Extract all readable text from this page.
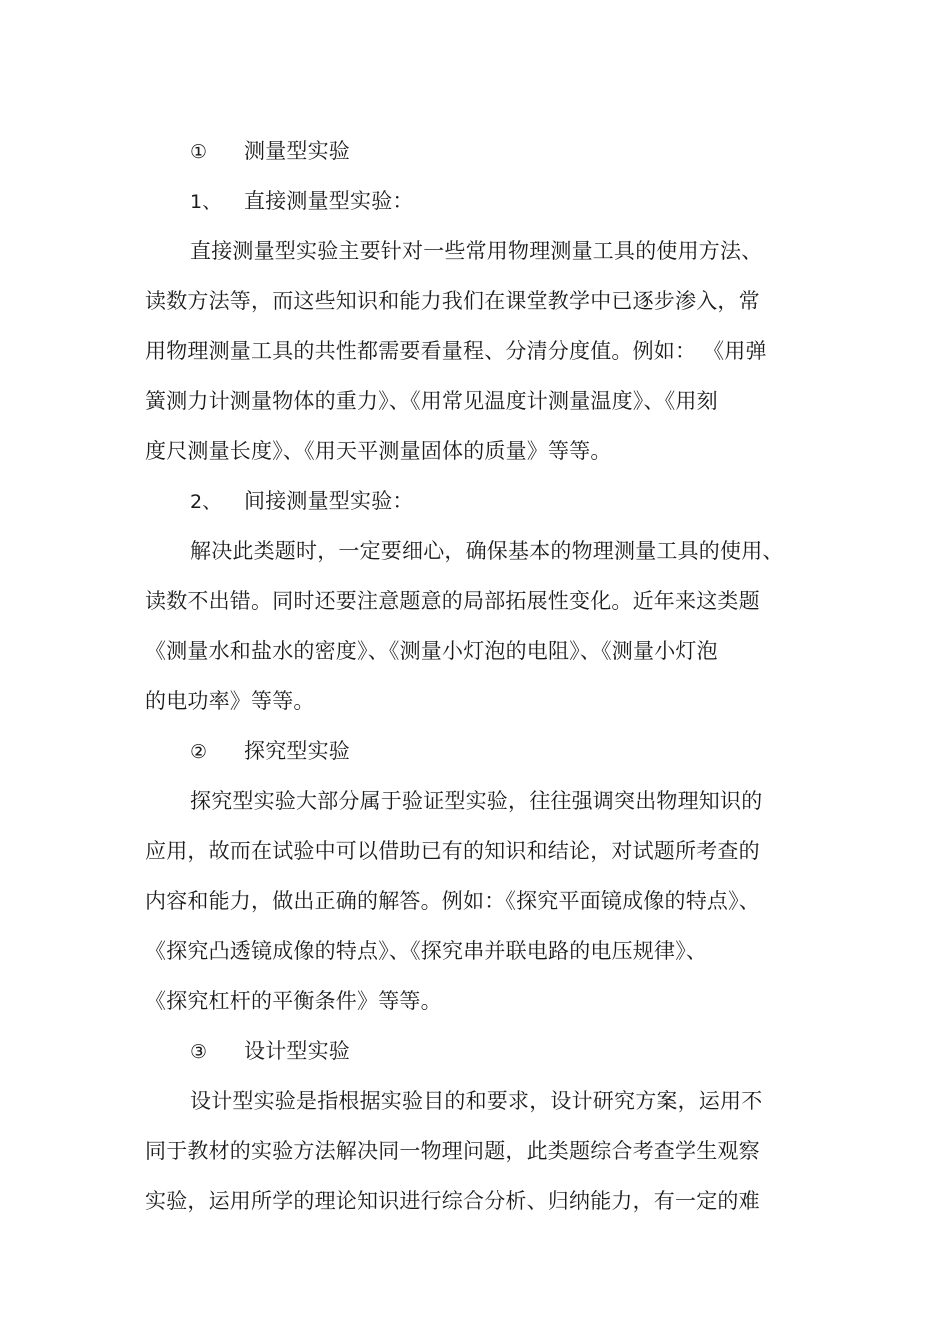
① 测量型实验
1、 直接测量型实验：
直接测量型实验主要针对一些常用物理测量工具的使用方法、
读数方法等，而这些知识和能力我们在课堂教学中已逐步渗入，常
用物理测量工具的共性都需要看量程、分清分度值。例如： 《用弹
簧测力计测量物体的重力》、《用常见温度计测量温度》、《用刻
度尺测量长度》、《用天平测量固体的质量》等等。
2、 间接测量型实验：
解决此类题时，一定要细心，确保基本的物理测量工具的使用、
读数不出错。同时还要注意题意的局部拓展性变化。近年来这类题
《测量水和盐水的密度》、《测量小灯泡的电阻》、《测量小灯泡
的电功率》等等。
② 探究型实验
探究型实验大部分属于验证型实验，往往强调突出物理知识的
应用，故而在试验中可以借助已有的知识和结论，对试题所考查的
内容和能力，做出正确的解答。例如：《探究平面镜成像的特点》、
《探究凸透镜成像的特点》、《探究串并联电路的电压规律》、
《探究杠杆的平衡条件》等等。
③ 设计型实验
设计型实验是指根据实验目的和要求，设计研究方案，运用不
同于教材的实验方法解决同一物理问题，此类题综合考查学生观察
实验，运用所学的理论知识进行综合分析、归纳能力，有一定的难
